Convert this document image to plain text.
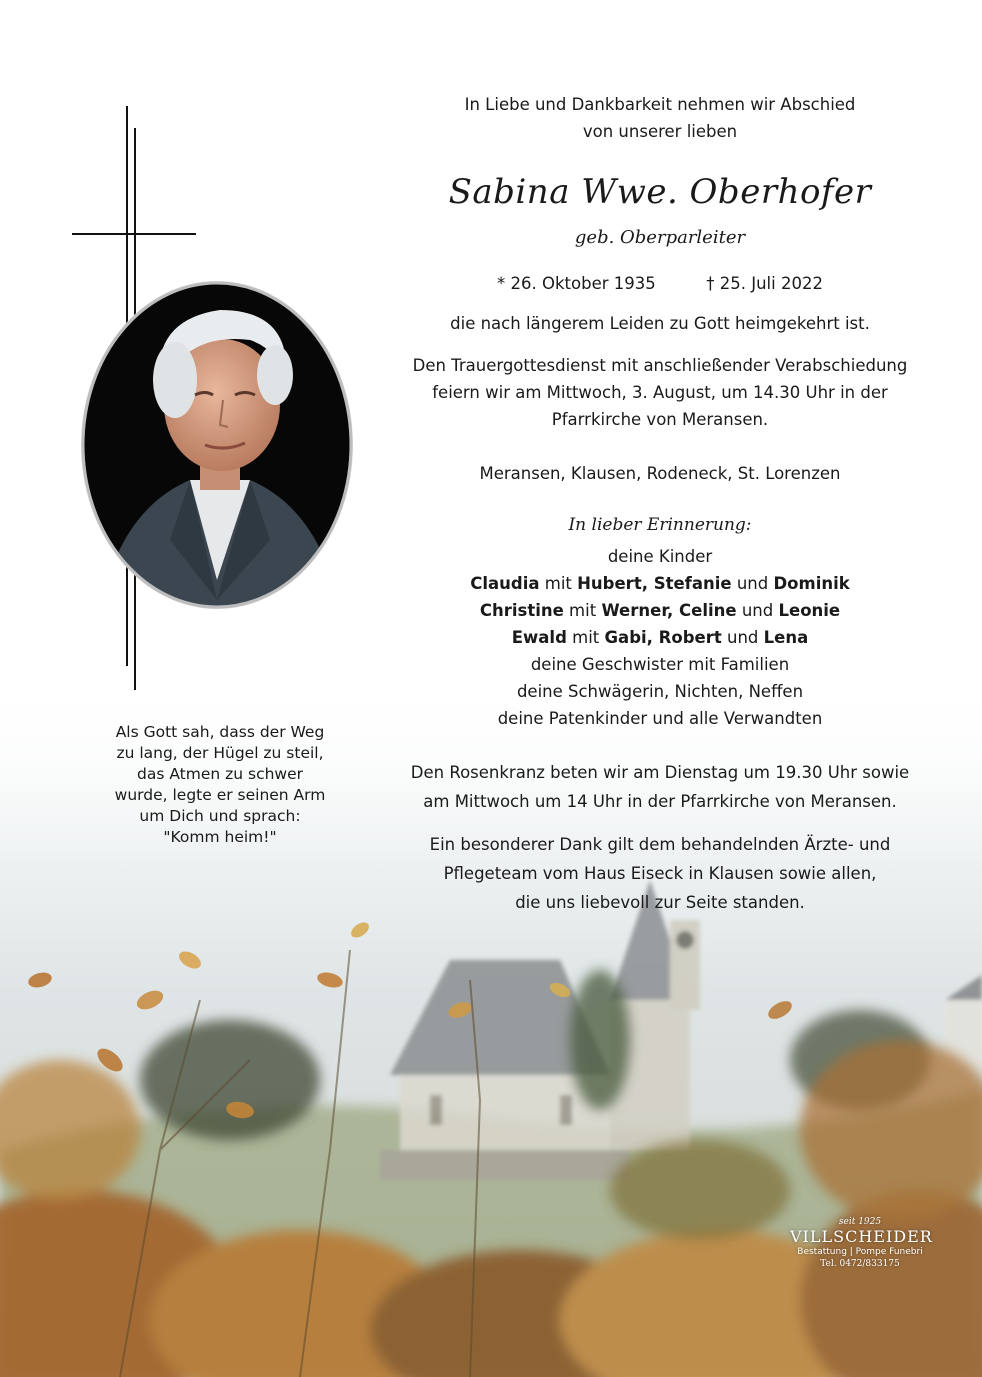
In Liebe und Dankbarkeit nehmen wir Abschied
von unserer lieben
Sabina Wwe. Oberhofer
geb. Oberparleiter
* 26. Oktober 1935	† 25. Juli 2022
die nach längerem Leiden zu Gott heimgekehrt ist.
Den Trauergottesdienst mit anschließender Verabschiedung
feiern wir am Mittwoch, 3. August, um 14.30 Uhr in der
Pfarrkirche von Meransen.
Meransen, Klausen, Rodeneck, St. Lorenzen
In lieber Erinnerung:
deine Kinder
Claudia mit Hubert, Stefanie und Dominik
Christine mit Werner, Celine und Leonie
Ewald mit Gabi, Robert und Lena
deine Geschwister mit Familien
deine Schwägerin, Nichten, Neffen
deine Patenkinder und alle Verwandten
Den Rosenkranz beten wir am Dienstag um 19.30 Uhr sowie
am Mittwoch um 14 Uhr in der Pfarrkirche von Meransen.
Ein besonderer Dank gilt dem behandelnden Ärzte- und
Pflegeteam vom Haus Eiseck in Klausen sowie allen,
die uns liebevoll zur Seite standen.
Als Gott sah, dass der Weg
zu lang, der Hügel zu steil,
das Atmen zu schwer
wurde, legte er seinen Arm
um Dich und sprach:
"Komm heim!"
seit 1925
VILLSCHEIDER
Bestattung | Pompe Funebri
Tel. 0472/833175
